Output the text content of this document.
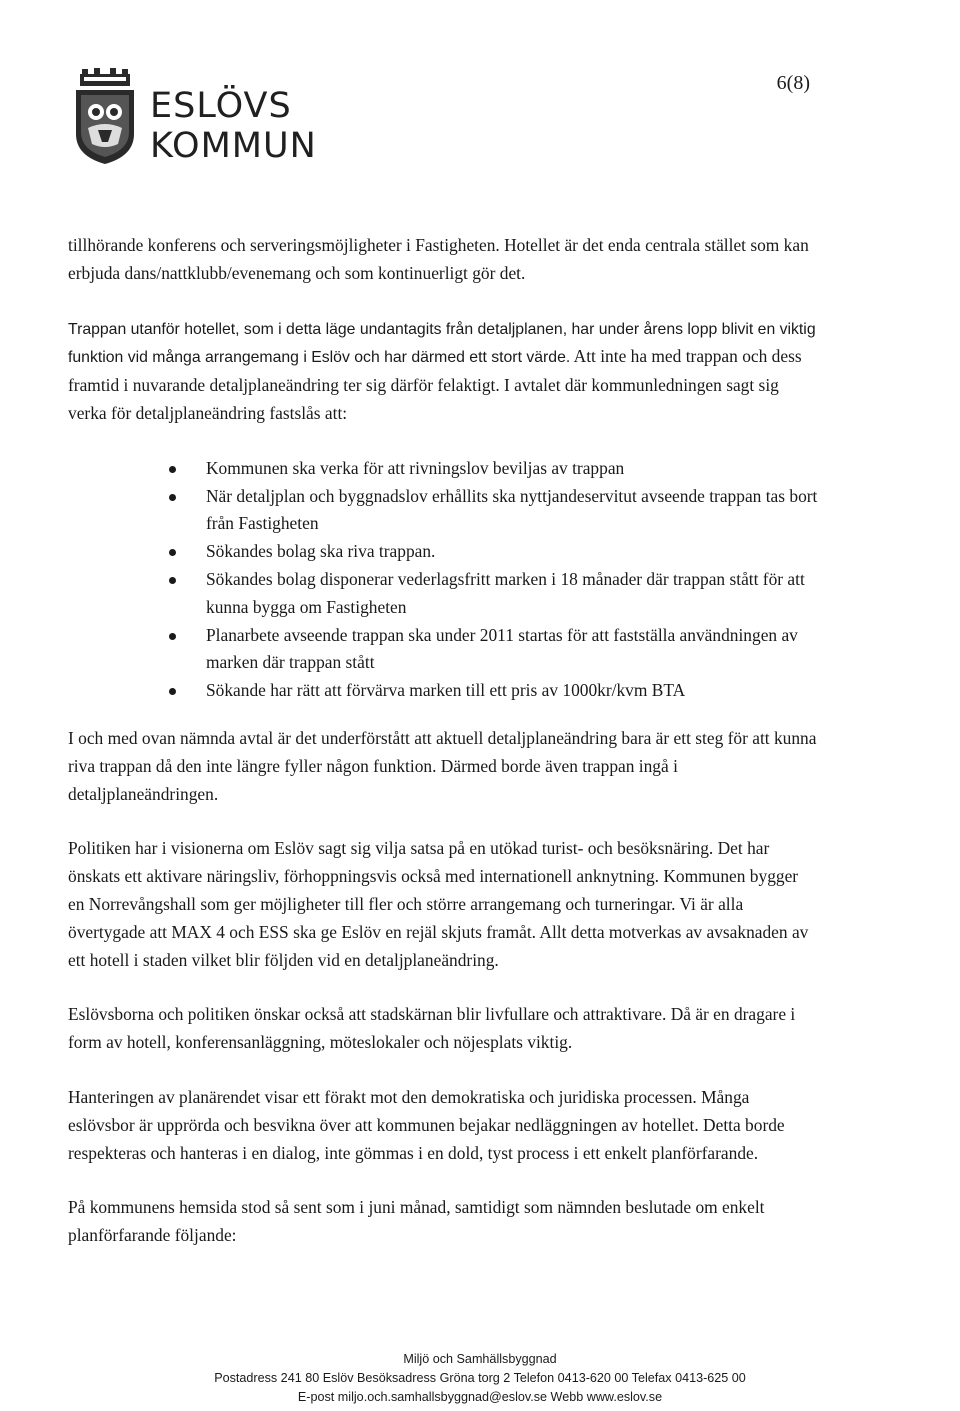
ESLÖVS
KOMMUN
6(8)

tillhörande konferens och serveringsmöjligheter i Fastigheten. Hotellet är det enda centrala stället som kan erbjuda dans/nattklubb/evenemang och som kontinuerligt gör det.

Trappan utanför hotellet, som i detta läge undantagits från detaljplanen, har under årens lopp blivit en viktig funktion vid många arrangemang i Eslöv och har därmed ett stort värde. Att inte ha med trappan och dess framtid i nuvarande detaljplaneändring ter sig därför felaktigt. I avtalet där kommunledningen sagt sig verka för detaljplaneändring fastslås att:

Kommunen ska verka för att rivningslov beviljas av trappan
När detaljplan och byggnadslov erhållits ska nyttjandeservitut avseende trappan tas bort från Fastigheten
Sökandes bolag ska riva trappan.
Sökandes bolag disponerar vederlagsfritt marken i 18 månader där trappan stått för att kunna bygga om Fastigheten
Planarbete avseende trappan ska under 2011 startas för att fastställa användningen av marken där trappan stått
Sökande har rätt att förvärva marken till ett pris av 1000kr/kvm BTA

I och med ovan nämnda avtal är det underförstått att aktuell detaljplaneändring bara är ett steg för att kunna riva trappan då den inte längre fyller någon funktion. Därmed borde även trappan ingå i detaljplaneändringen.

Politiken har i visionerna om Eslöv sagt sig vilja satsa på en utökad turist- och besöksnäring. Det har önskats ett aktivare näringsliv, förhoppningsvis också med internationell anknytning. Kommunen bygger en Norrevångshall som ger möjligheter till fler och större arrangemang och turneringar. Vi är alla övertygade att MAX 4 och ESS ska ge Eslöv en rejäl skjuts framåt. Allt detta motverkas av avsaknaden av ett hotell i staden vilket blir följden vid en detaljplaneändring.

Eslövsborna och politiken önskar också att stadskärnan blir livfullare och attraktivare. Då är en dragare i form av hotell, konferensanläggning, möteslokaler och nöjesplats viktig.

Hanteringen av planärendet visar ett förakt mot den demokratiska och juridiska processen. Många eslövsbor är upprörda och besvikna över att kommunen bejakar nedläggningen av hotellet. Detta borde respekteras och hanteras i en dialog, inte gömmas i en dold, tyst process i ett enkelt planförfarande.

På kommunens hemsida stod så sent som i juni månad, samtidigt som nämnden beslutade om enkelt planförfarande följande:

Miljö och Samhällsbyggnad
Postadress 241 80 Eslöv Besöksadress Gröna torg 2 Telefon 0413-620 00 Telefax 0413-625 00
E-post miljo.och.samhallsbyggnad@eslov.se Webb www.eslov.se
